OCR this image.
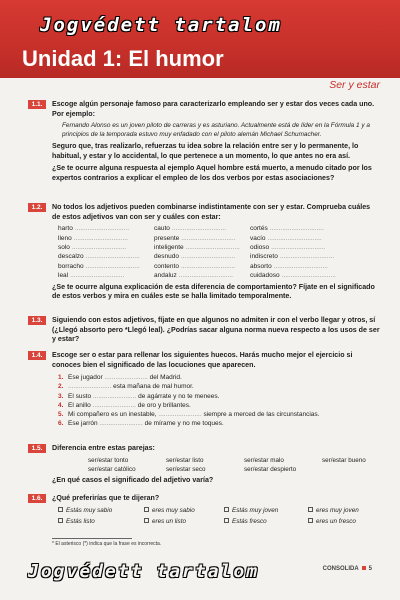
Jogvédett tartalom
Unidad 1: El humor
Ser y estar
1.1.	Escoge algún personaje famoso para caracterizarlo empleando ser y estar dos veces cada uno. Por ejemplo:
Fernando Alonso es un joven piloto de carreras y es asturiano. Actualmente está de líder en la Fórmula 1 y a principios de la temporada estuvo muy enfadado con el piloto alemán Michael Schumacher.
Seguro que, tras realizarlo, refuerzas tu idea sobre la relación entre ser y lo permanente, lo habitual, y estar y lo accidental, lo que pertenece a un momento, lo que antes no era así.
¿Se te ocurre alguna respuesta al ejemplo Aquel hombre está muerto, a menudo citado por los expertos contrarios a explicar el empleo de los dos verbos por estas asociaciones?
1.2.	No todos los adjetivos pueden combinarse indistintamente con ser y estar. Comprueba cuáles de estos adjetivos van con ser y cuáles con estar:
harto .....	cauto .....	cortés .....
lleno .....	presente .....	vacío .....
solo .....	inteligente .....	odioso .....
descalzo .....	desnudo .....	indiscreto .....
borracho .....	contento .....	absorto .....
leal .....	andaluz .....	cuidadoso .....
¿Se te ocurre alguna explicación de esta diferencia de comportamiento? Fíjate en el significado de estos verbos y mira en cuáles este se halla limitado temporalmente.
1.3.	Siguiendo con estos adjetivos, fíjate en que algunos no admiten ir con el verbo llegar y otros, sí (¿Llegó absorto pero *Llegó leal). ¿Podrías sacar alguna norma nueva respecto a los usos de ser y estar?
1.4.	Escoge ser o estar para rellenar los siguientes huecos. Harás mucho mejor el ejercicio si conoces bien el significado de las locuciones que aparecen.
1. Ese jugador ........................ del Madrid.
2. ........................ esta mañana de mal humor.
3. El susto ........................ de agárrate y no te menees.
4. El anillo ........................ de oro y brillantes.
5. Mi compañero es un inestable, ........................ siempre a merced de las circunstancias.
6. Ese jarrón ........................ de mírame y no me toques.
1.5.	Diferencia entre estas parejas:
ser/estar tonto	ser/estar listo	ser/estar malo	ser/estar bueno
ser/estar católico	ser/estar seco	ser/estar despierto
¿En qué casos el significado del adjetivo varía?
1.6.	¿Qué preferirías que te dijeran?
Estás muy sabio	eres muy sabio	Estás muy joven	eres muy joven
Estás listo	eres un listo	Estás fresco	eres un fresco
* El asterisco (*) indica que la frase es incorrecta.
Jogvédett tartalom	CONSOLIDA 5
